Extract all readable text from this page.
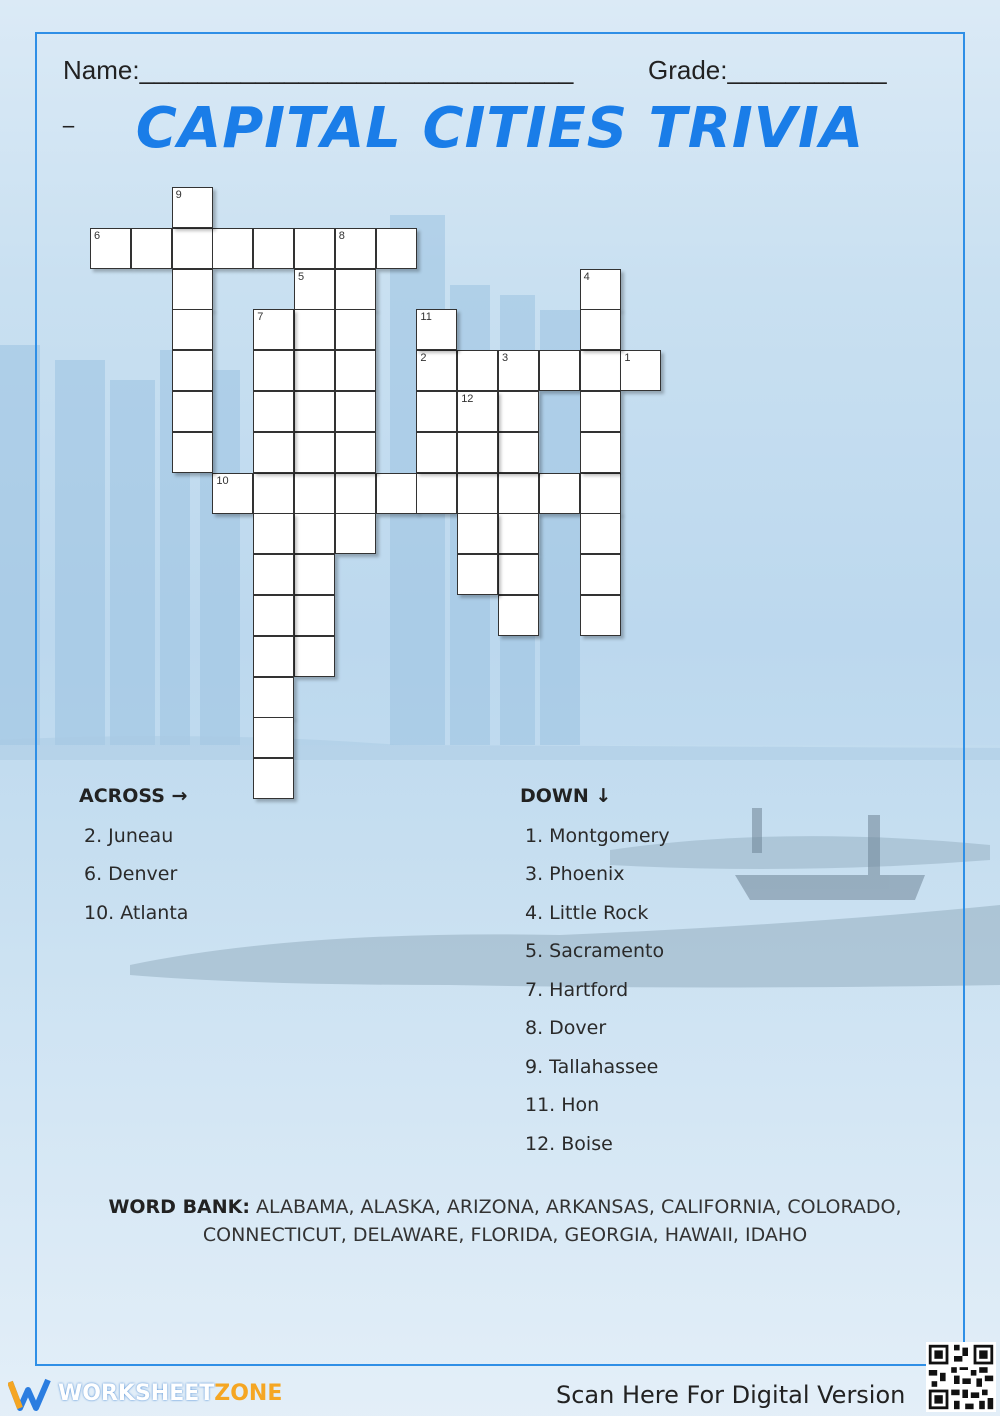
Name:______________________________	Grade:___________
_	CAPITAL CITIES TRIVIA
6	8
2	3	1
10
4
5
7
9
11
12
ACROSS →
2. Juneau
6. Denver
10. Atlanta
DOWN ↓
1. Montgomery
3. Phoenix
4. Little Rock
5. Sacramento
7. Hartford
8. Dover
9. Tallahassee
11. Hon
12. Boise
WORD BANK: ALABAMA, ALASKA, ARIZONA, ARKANSAS, CALIFORNIA, COLORADO, CONNECTICUT, DELAWARE, FLORIDA, GEORGIA, HAWAII, IDAHO
WORKSHEETZONE	Scan Here For Digital Version
